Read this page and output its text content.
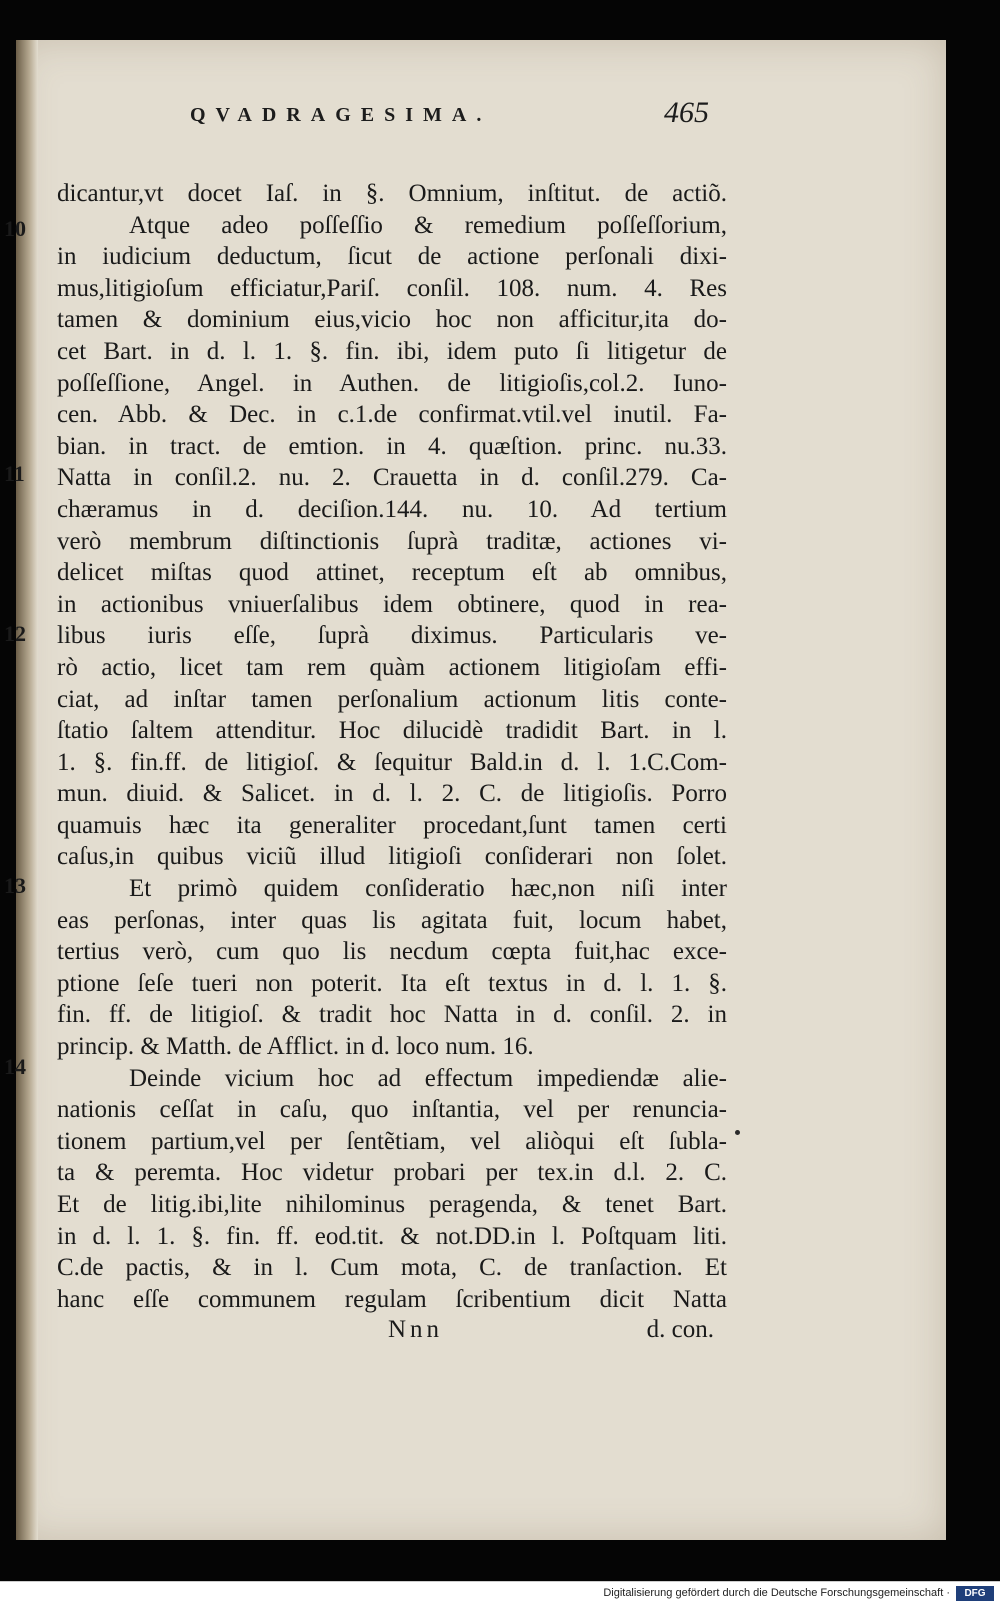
QVADRAGESIMA.	465
10
11
12
13
14
dicantur,vt docet Iaſ. in §. Omnium, inſtitut. de actiõ.
Atque adeo poſſeſſio & remedium poſſeſſorium,
in iudicium deductum, ſicut de actione perſonali dixi-
mus,litigioſum efficiatur,Pariſ. conſil. 108. num. 4. Res
tamen & dominium eius,vicio hoc non afficitur,ita do-
cet Bart. in d. l. 1. §. fin. ibi, idem puto ſi litigetur de
poſſeſſione, Angel. in Authen. de litigioſis,col.2. Iuno-
cen. Abb. & Dec. in c.1.de confirmat.vtil.vel inutil. Fa-
bian. in tract. de emtion. in 4. quæſtion. princ. nu.33.
Natta in conſil.2. nu. 2. Crauetta in d. conſil.279. Ca-
chæramus in d. deciſion.144. nu. 10. Ad tertium
verò membrum diſtinctionis ſuprà traditæ, actiones vi-
delicet miſtas quod attinet, receptum eſt ab omnibus,
in actionibus vniuerſalibus idem obtinere, quod in rea-
libus iuris eſſe, ſuprà diximus. Particularis ve-
rò actio, licet tam rem quàm actionem litigioſam effi-
ciat, ad inſtar tamen perſonalium actionum litis conte-
ſtatio ſaltem attenditur. Hoc dilucidè tradidit Bart. in l.
1. §. fin.ff. de litigioſ. & ſequitur Bald.in d. l. 1.C.Com-
mun. diuid. & Salicet. in d. l. 2. C. de litigioſis. Porro
quamuis hæc ita generaliter procedant,ſunt tamen certi
caſus,in quibus viciũ illud litigioſi conſiderari non ſolet.
Et primò quidem conſideratio hæc,non niſi inter
eas perſonas, inter quas lis agitata fuit, locum habet,
tertius verò, cum quo lis necdum cœpta fuit,hac exce-
ptione ſeſe tueri non poterit. Ita eſt textus in d. l. 1. §.
fin. ff. de litigioſ. & tradit hoc Natta in d. conſil. 2. in
princip. & Matth. de Afflict. in d. loco num. 16.
Deinde vicium hoc ad effectum impediendæ alie-
nationis ceſſat in caſu, quo inſtantia, vel per renuncia-
tionem partium,vel per ſentẽtiam, vel aliòqui eſt ſubla-
ta & peremta. Hoc videtur probari per tex.in d.l. 2. C.
Et de litig.ibi,lite nihilominus peragenda, & tenet Bart.
in d. l. 1. §. fin. ff. eod.tit. & not.DD.in l. Poſtquam liti.
C.de pactis, & in l. Cum mota, C. de tranſaction. Et
hanc eſſe communem regulam ſcribentium dicit Natta
Nnn	d. con.
Digitalisierung gefördert durch die Deutsche Forschungsgemeinschaft ·	DFG
